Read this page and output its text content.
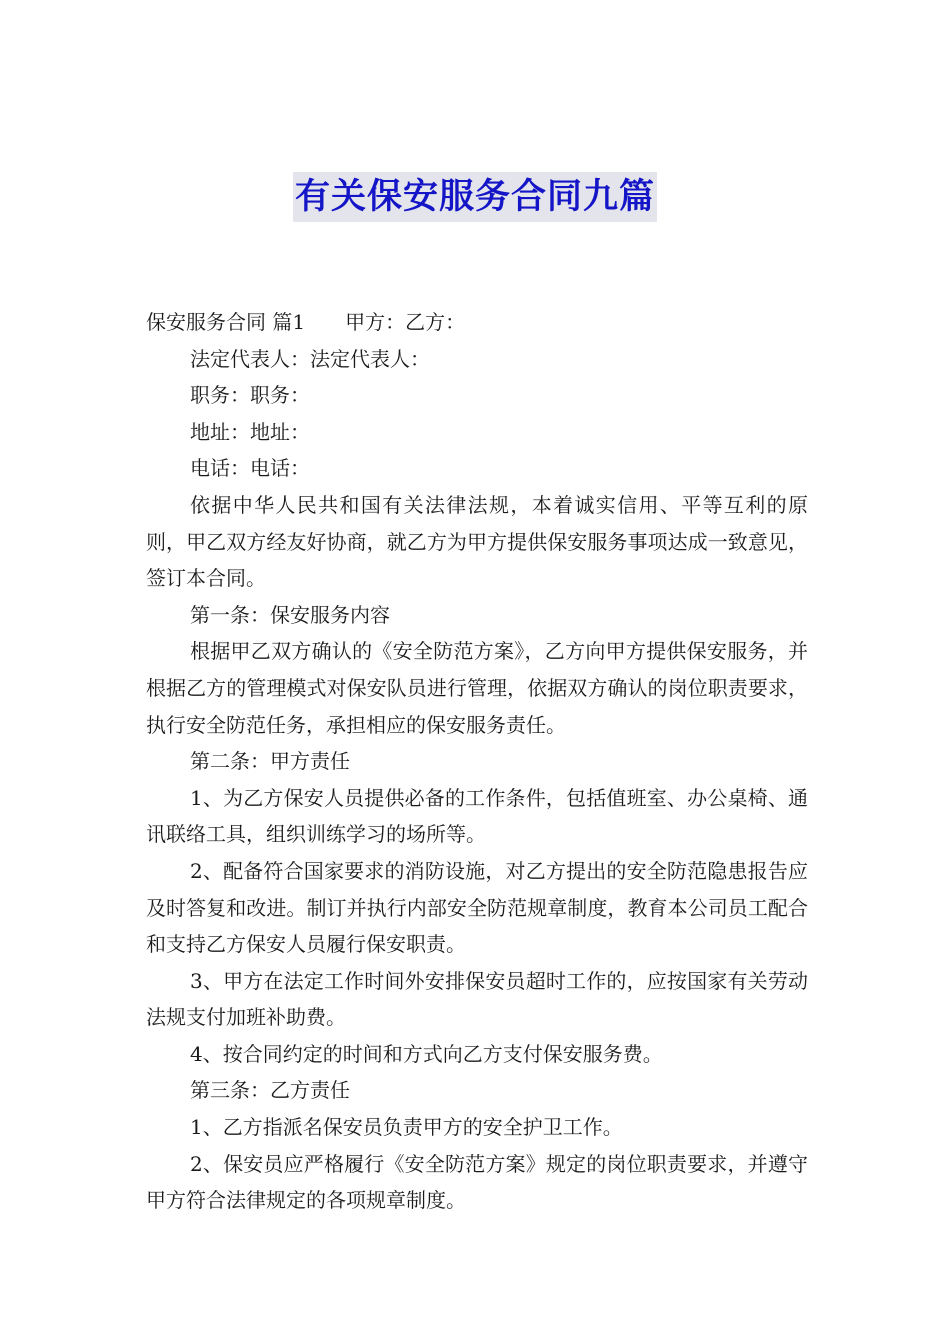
有关保安服务合同九篇

保安服务合同 篇1 甲方：乙方：

法定代表人：法定代表人：

职务：职务：

地址：地址：

电话：电话：

依据中华人民共和国有关法律法规，本着诚实信用、平等互利的原则，甲乙双方经友好协商，就乙方为甲方提供保安服务事项达成一致意见，签订本合同。

第一条：保安服务内容

根据甲乙双方确认的《安全防范方案》，乙方向甲方提供保安服务，并根据乙方的管理模式对保安队员进行管理，依据双方确认的岗位职责要求，执行安全防范任务，承担相应的保安服务责任。

第二条：甲方责任

1、为乙方保安人员提供必备的工作条件，包括值班室、办公桌椅、通讯联络工具，组织训练学习的场所等。

2、配备符合国家要求的消防设施，对乙方提出的安全防范隐患报告应及时答复和改进。制订并执行内部安全防范规章制度，教育本公司员工配合和支持乙方保安人员履行保安职责。

3、甲方在法定工作时间外安排保安员超时工作的，应按国家有关劳动法规支付加班补助费。

4、按合同约定的时间和方式向乙方支付保安服务费。

第三条：乙方责任

1、乙方指派名保安员负责甲方的安全护卫工作。

2、保安员应严格履行《安全防范方案》规定的岗位职责要求，并遵守甲方符合法律规定的各项规章制度。
